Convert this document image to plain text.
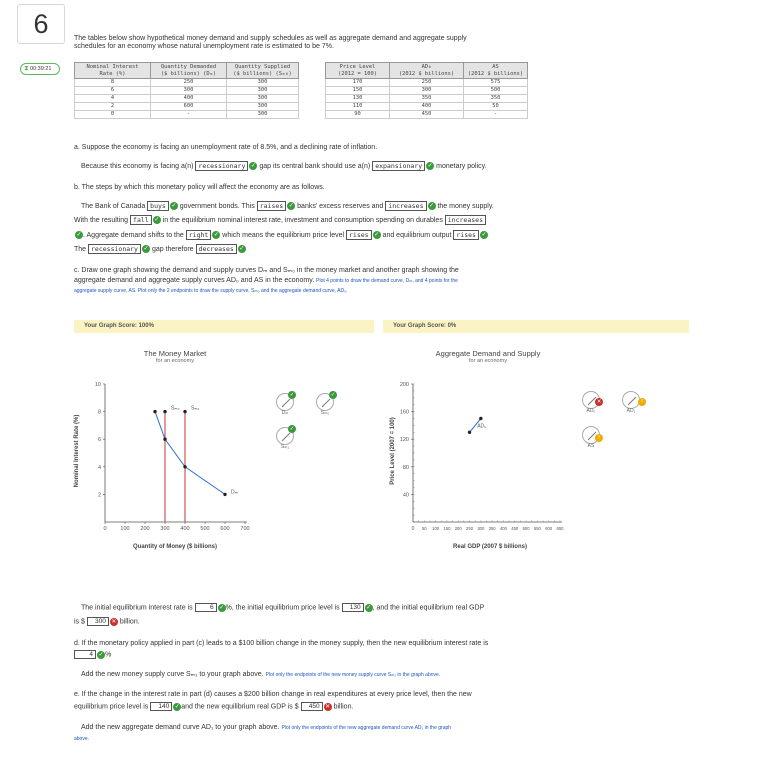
6
⧗00:39:21
The tables below show hypothetical money demand and supply schedules as well as aggregate demand and aggregate supply
schedules for an economy whose natural unemployment rate is estimated to be 7%.
Nominal Interest
Rate (%)	Quantity Demanded
($ billions) (Dₘ)	Quantity Supplied
($ billions) (Sₘ₀)
8	250	300
6	300	300
4	400	300
2	600	300
0	-	300
Price Level
(2012 = 100)	AD₀
(2012 $ billions)	AS
(2012 $ billions)
170	250	575
150	300	500
130	350	350
110	400	50
90	450	-
a. Suppose the economy is facing an unemployment rate of 8.5%, and a declining rate of inflation.
Because this economy is facing a(n) recessionary ✓ gap its central bank should use a(n) expansionary ✓ monetary policy.
b. The steps by which this monetary policy will affect the economy are as follows.
The Bank of Canada buys ✓ government bonds. This raises ✓ banks' excess reserves and increases ✓ the money supply.
With the resulting fall ✓ in the equilibrium nominal interest rate, investment and consumption spending on durables increases
✓. Aggregate demand shifts to the right ✓ which means the equilibrium price level rises ✓ and equilibrium output rises ✓
The recessionary ✓ gap therefore decreases ✓
c. Draw one graph showing the demand and supply curves Dₘ and Sₘ₀ in the money market and another graph showing the
aggregate demand and aggregate supply curves AD₀ and AS in the economy. Plot 4 points to draw the demand curve, Dₘ, and 4 points for the
aggregate supply curve, AS. Plot only the 2 endpoints to draw the supply curve, Sₘ₀ and the aggregate demand curve, AD₀.
Your Graph Score: 100%	Your Graph Score: 0%
The Money Market
for an economy
Quantity of Money ($ billions)
Nominal Interest Rate (%)
Aggregate Demand and Supply
for an economy
Real GDP (2007 $ billions)
Price Level (2007 = 100)
0	100 200 300 400 500 600 700
2
4
6
8
10
Sₘ₀ Sₘ₁
Dₘ
0 50 100 150 200 250 300 350 400 450 500 550 600 650
40
80
120
160
200
AD₀
✓
Dₘ
✓
Sₘ₀
✓
Sₘ₁
✕
AD₀
!
AD₁
!
AS
The initial equilibrium interest rate is	6 ✓%, the initial equilibrium price level is 130 ✓, and the initial equilibrium real GDP
is $ 300 ✕ billion.
d. If the monetary policy applied in part (c) leads to a $100 billion change in the money supply, then the new equilibrium interest rate is
4 ✓%
Add the new money supply curve Sₘ₁ to your graph above. Plot only the endpoints of the new money supply curve Sₘ₁ in the graph above.
e. If the change in the interest rate in part (d) causes a $200 billion change in real expenditures at every price level, then the new
equilibrium price level is 140 ✓and the new equilibrium real GDP is $ 450 ✕ billion.
Add the new aggregate demand curve AD₁ to your graph above. Plot only the endpoints of the new aggregate demand curve AD₁ in the graph
above.
